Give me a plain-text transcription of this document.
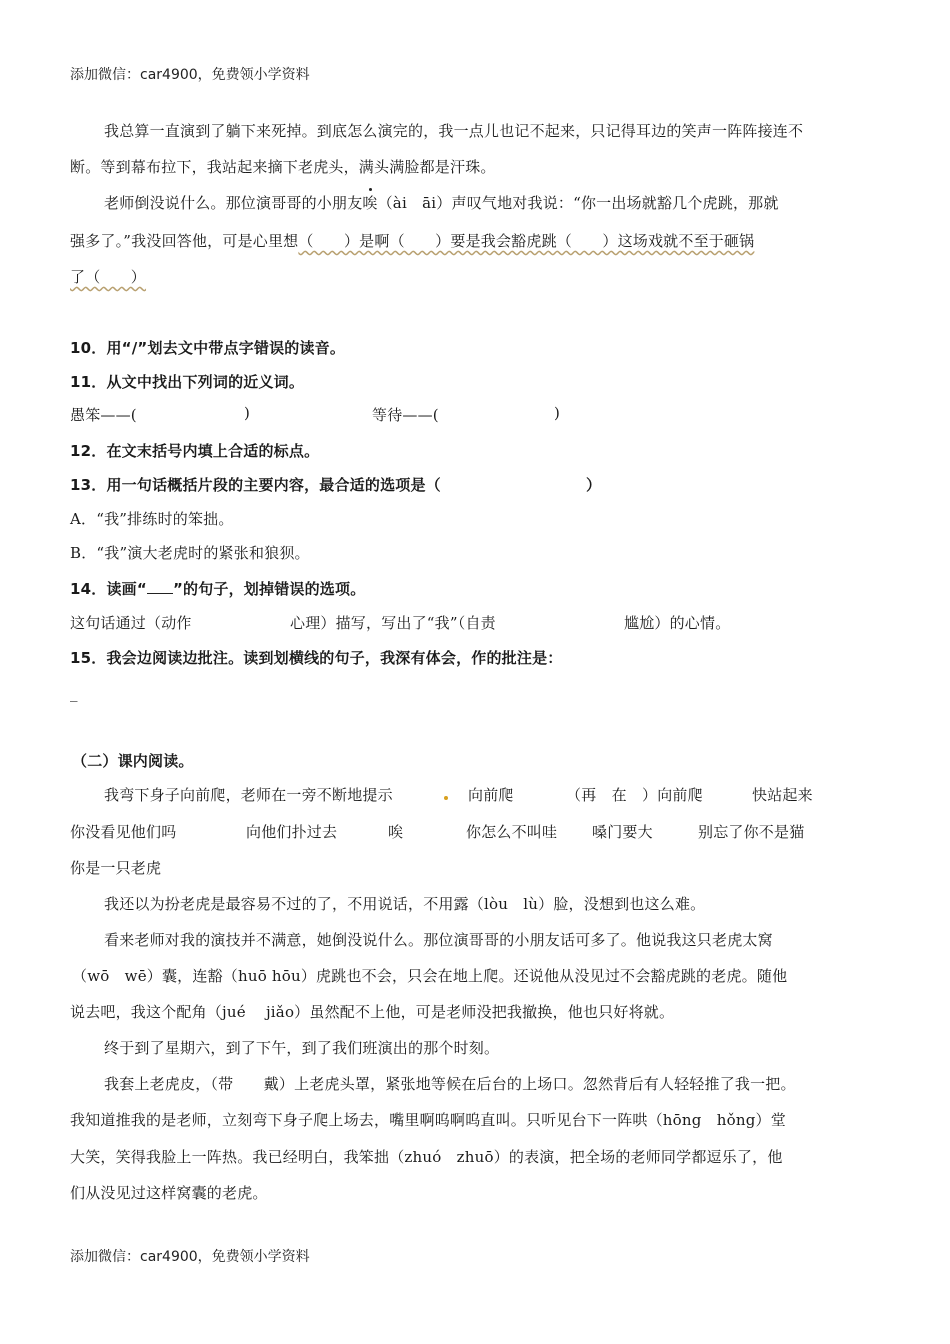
添加微信：car4900，免费领小学资料
我总算一直演到了躺下来死掉。到底怎么演完的，我一点儿也记不起来，只记得耳边的笑声一阵阵接连不
断。等到幕布拉下，我站起来摘下老虎头，满头满脸都是汗珠。
老师倒没说什么。那位演哥哥的小朋友唉（ài　āi）声叹气地对我说：“你一出场就豁几个虎跳，那就
强多了。”我没回答他，可是心里想（　　）是啊（　　）要是我会豁虎跳（　　）这场戏就不至于砸锅
了（　　）
10．用“/”划去文中带点字错误的读音。
11．从文中找出下列词的近义词。
愚笨——(	)	等待——(	)
12．在文末括号内填上合适的标点。
13．用一句话概括片段的主要内容，最合适的选项是（	）
A．“我”排练时的笨拙。
B．“我”演大老虎时的紧张和狼狈。
14．读画“ ”的句子，划掉错误的选项。
这句话通过（动作	心理）描写，写出了“我”（自责	尴尬）的心情。
15．我会边阅读边批注。读到划横线的句子，我深有体会，作的批注是：
_
（二）课内阅读。
我弯下身子向前爬，老师在一旁不断地提示	向前爬	（再　在　）向前爬	快站起来
你没看见他们吗	向他们扑过去	唉	你怎么不叫哇 嗓门要大	别忘了你不是猫
你是一只老虎
我还以为扮老虎是最容易不过的了，不用说话，不用露（lòu　lù）脸，没想到也这么难。
看来老师对我的演技并不满意，她倒没说什么。那位演哥哥的小朋友话可多了。他说我这只老虎太窝
（wō　wē）囊，连豁（huō hōu）虎跳也不会，只会在地上爬。还说他从没见过不会豁虎跳的老虎。随他
说去吧，我这个配角（jué　 jiǎo）虽然配不上他，可是老师没把我撤换，他也只好将就。
终于到了星期六，到了下午，到了我们班演出的那个时刻。
我套上老虎皮，（带　　戴）上老虎头罩，紧张地等候在后台的上场口。忽然背后有人轻轻推了我一把。
我知道推我的是老师，立刻弯下身子爬上场去，嘴里啊呜啊呜直叫。只听见台下一阵哄（hōng　hǒng）堂
大笑，笑得我脸上一阵热。我已经明白，我笨拙（zhuó　zhuō）的表演，把全场的老师同学都逗乐了，他
们从没见过这样窝囊的老虎。
添加微信：car4900，免费领小学资料
